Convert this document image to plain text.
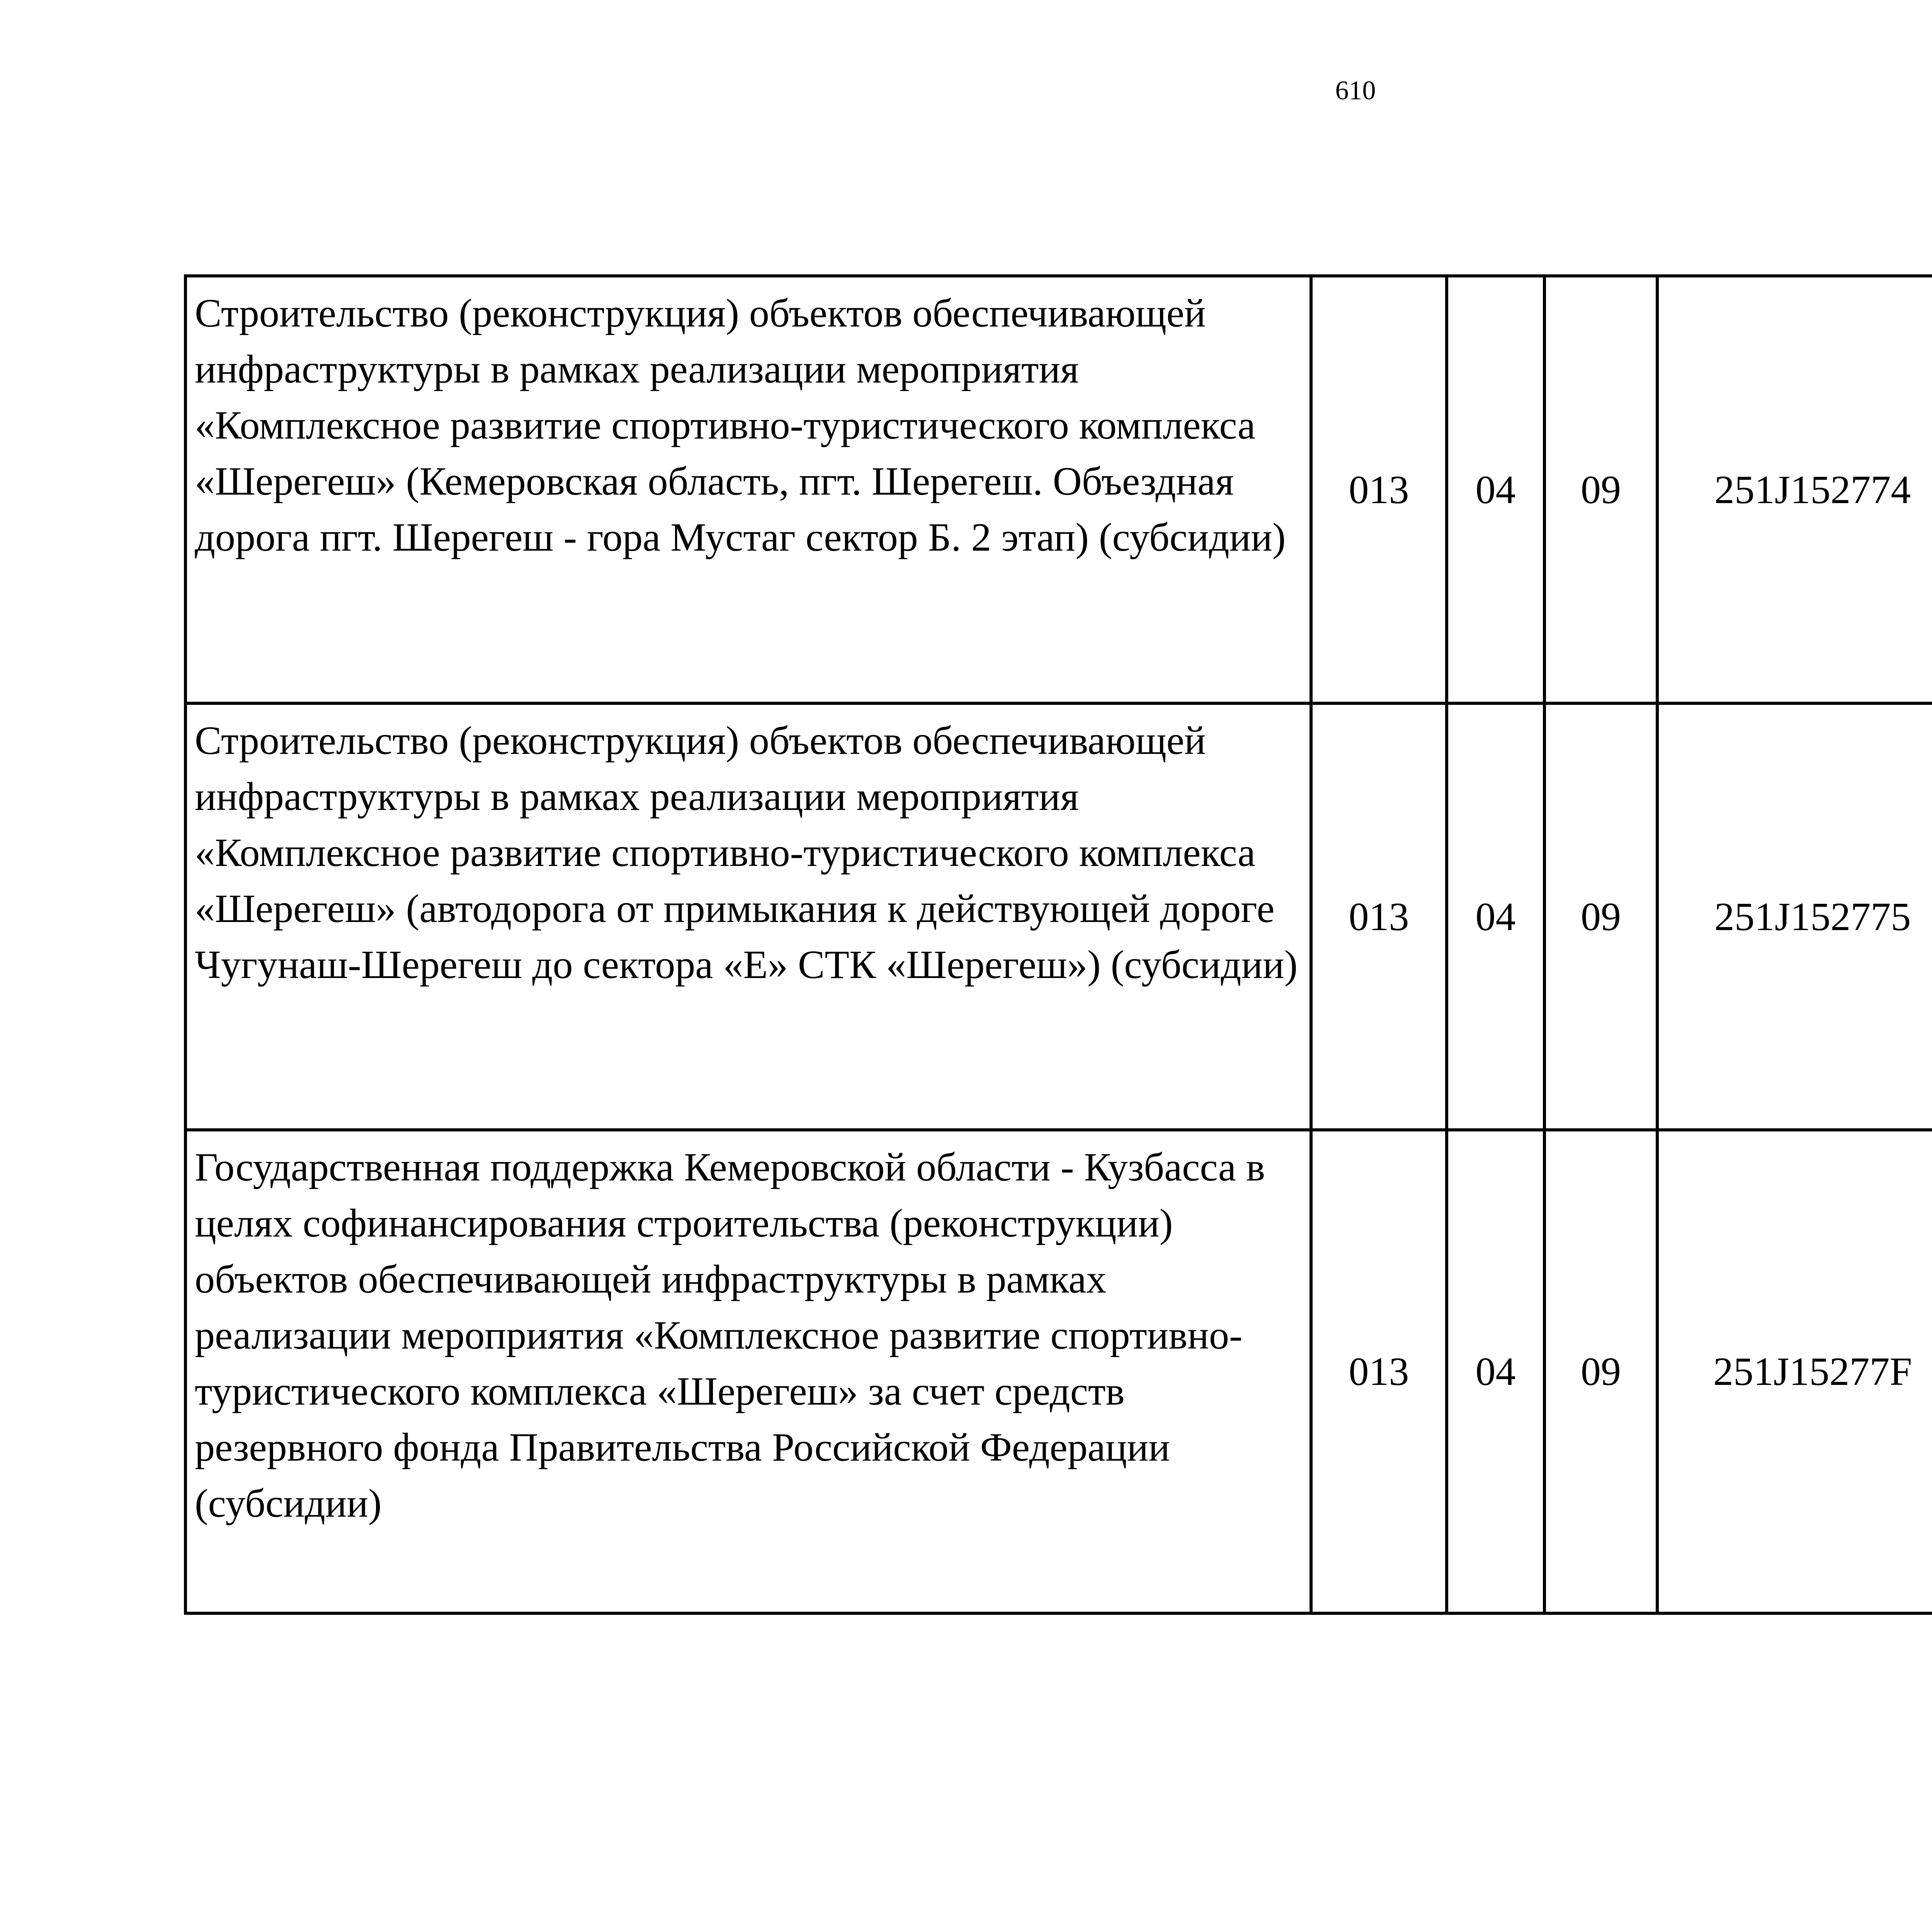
610
Строительство (реконструкция) объектов обеспечивающей инфраструктуры в рамках реализации мероприятия «Комплексное развитие спортивно-туристического комплекса «Шерегеш» (Кемеровская область, пгт. Шерегеш. Объездная дорога пгт. Шерегеш - гора Мустаг сектор Б. 2 этап) (субсидии)	013	04	09	251J152774		
Строительство (реконструкция) объектов обеспечивающей инфраструктуры в рамках реализации мероприятия «Комплексное развитие спортивно-туристического комплекса «Шерегеш» (автодорога от примыкания к действующей дороге Чугунаш-Шерегеш до сектора «Е» СТК «Шерегеш») (субсидии)	013	04	09	251J152775		
Государственная поддержка Кемеровской области - Кузбасса в целях софинансирования строительства (реконструкции) объектов обеспечивающей инфраструктуры в рамках реализации мероприятия «Комплексное развитие спортивно-туристического комплекса «Шерегеш» за счет средств резервного фонда Правительства Российской Федерации (субсидии)	013	04	09	251J15277F		
